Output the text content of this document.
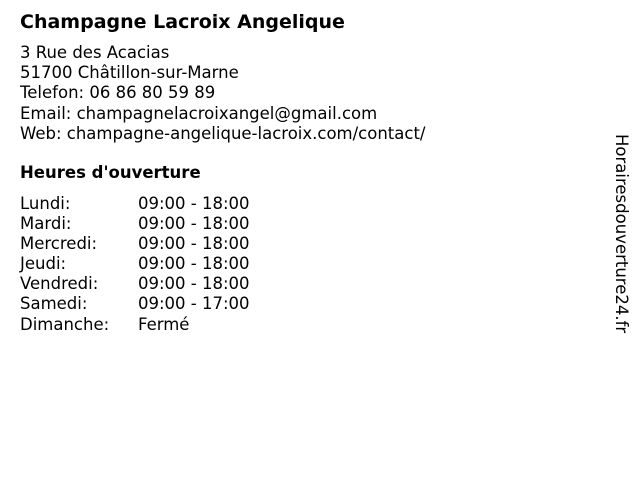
Champagne Lacroix Angelique
3 Rue des Acacias
51700 Châtillon-sur-Marne
Telefon: 06 86 80 59 89
Email: champagnelacroixangel@gmail.com
Web: champagne-angelique-lacroix.com/contact/
Heures d'ouverture
Lundi:	09:00 - 18:00
Mardi:	09:00 - 18:00
Mercredi: 09:00 - 18:00
Jeudi:	09:00 - 18:00
Vendredi: 09:00 - 18:00
Samedi:	09:00 - 17:00
Dimanche: Fermé	Horairesdouverture24.fr
